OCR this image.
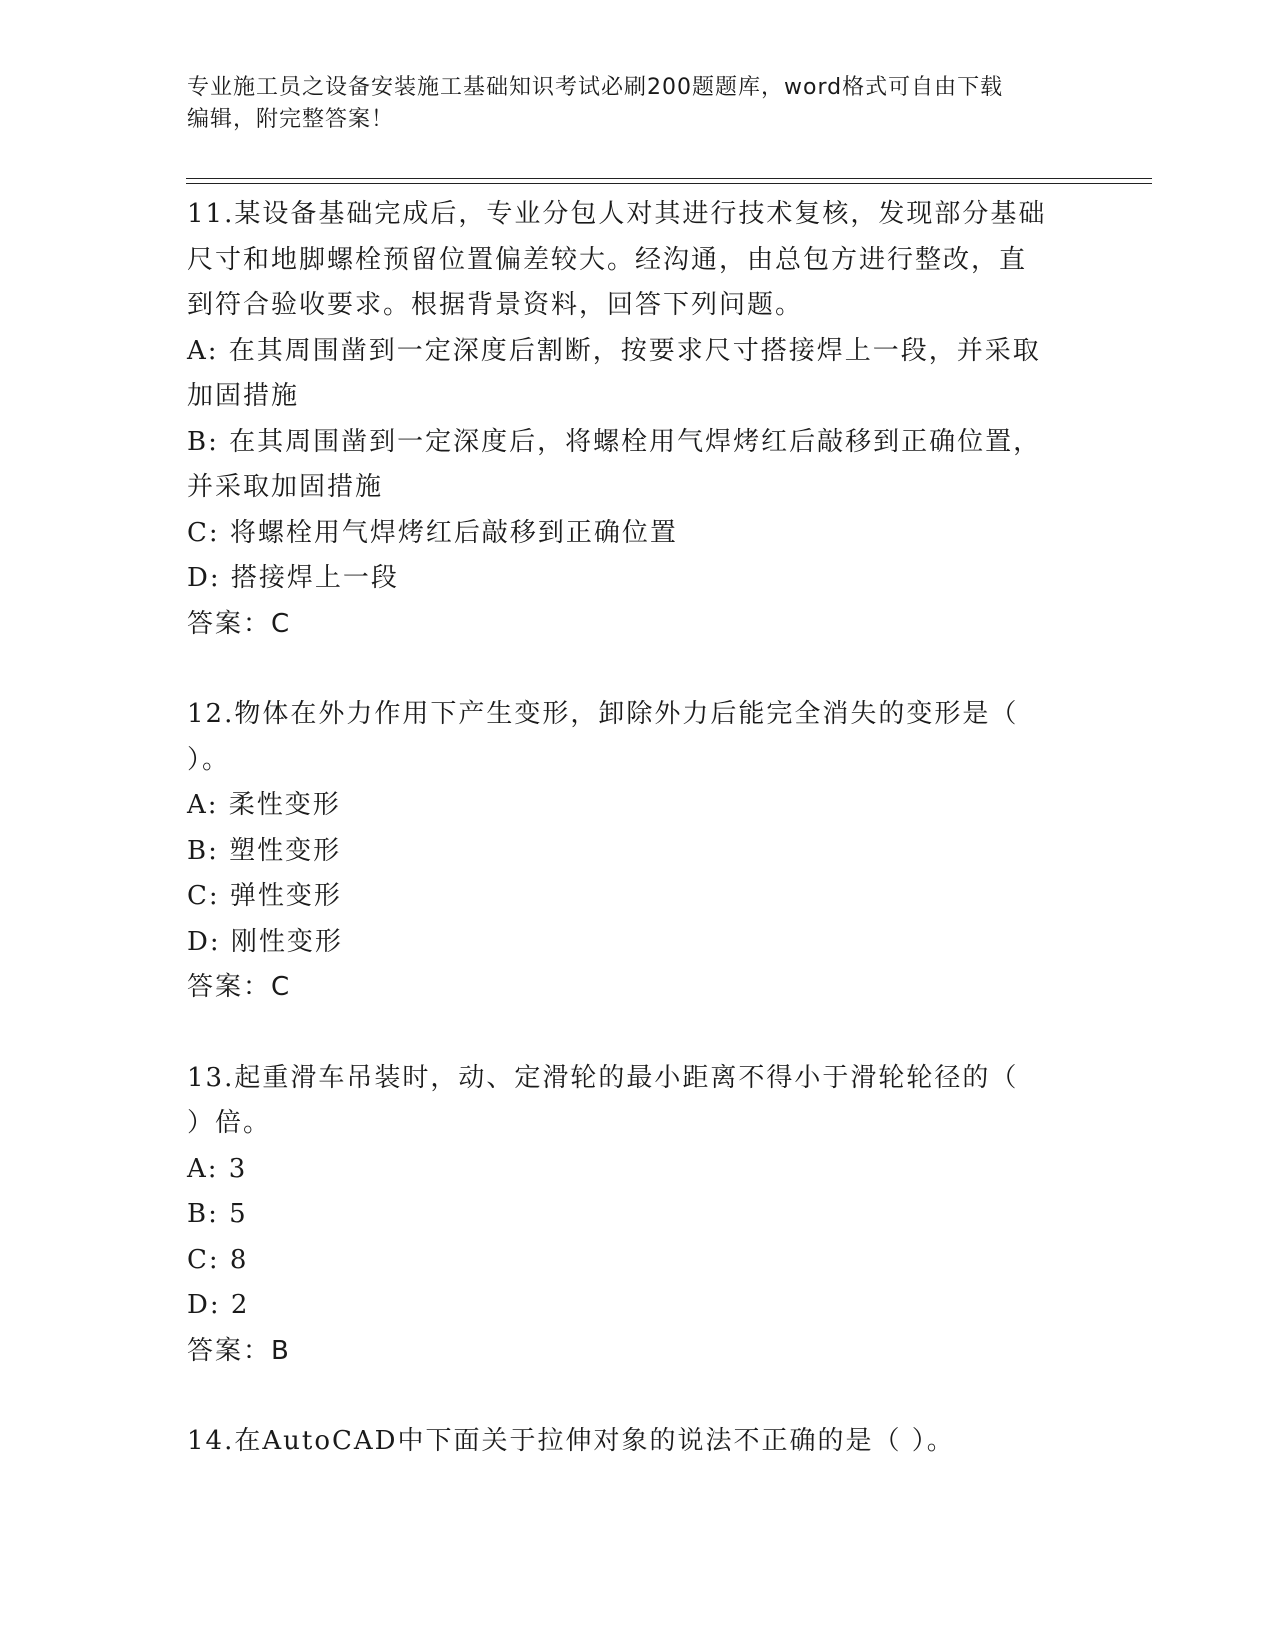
专业施工员之设备安装施工基础知识考试必刷200题题库，word格式可自由下载
编辑，附完整答案！
11.某设备基础完成后，专业分包人对其进行技术复核，发现部分基础
尺寸和地脚螺栓预留位置偏差较大。经沟通，由总包方进行整改，直
到符合验收要求。根据背景资料，回答下列问题。
A: 在其周围凿到一定深度后割断，按要求尺寸搭接焊上一段，并采取
加固措施
B: 在其周围凿到一定深度后，将螺栓用气焊烤红后敲移到正确位置，
并采取加固措施
C: 将螺栓用气焊烤红后敲移到正确位置
D: 搭接焊上一段
答案：C
12.物体在外力作用下产生变形，卸除外力后能完全消失的变形是（
）。
A: 柔性变形
B: 塑性变形
C: 弹性变形
D: 刚性变形
答案：C
13.起重滑车吊装时，动、定滑轮的最小距离不得小于滑轮轮径的（
）倍。
A: 3
B: 5
C: 8
D: 2
答案：B
14.在AutoCAD中下面关于拉伸对象的说法不正确的是（ ）。
